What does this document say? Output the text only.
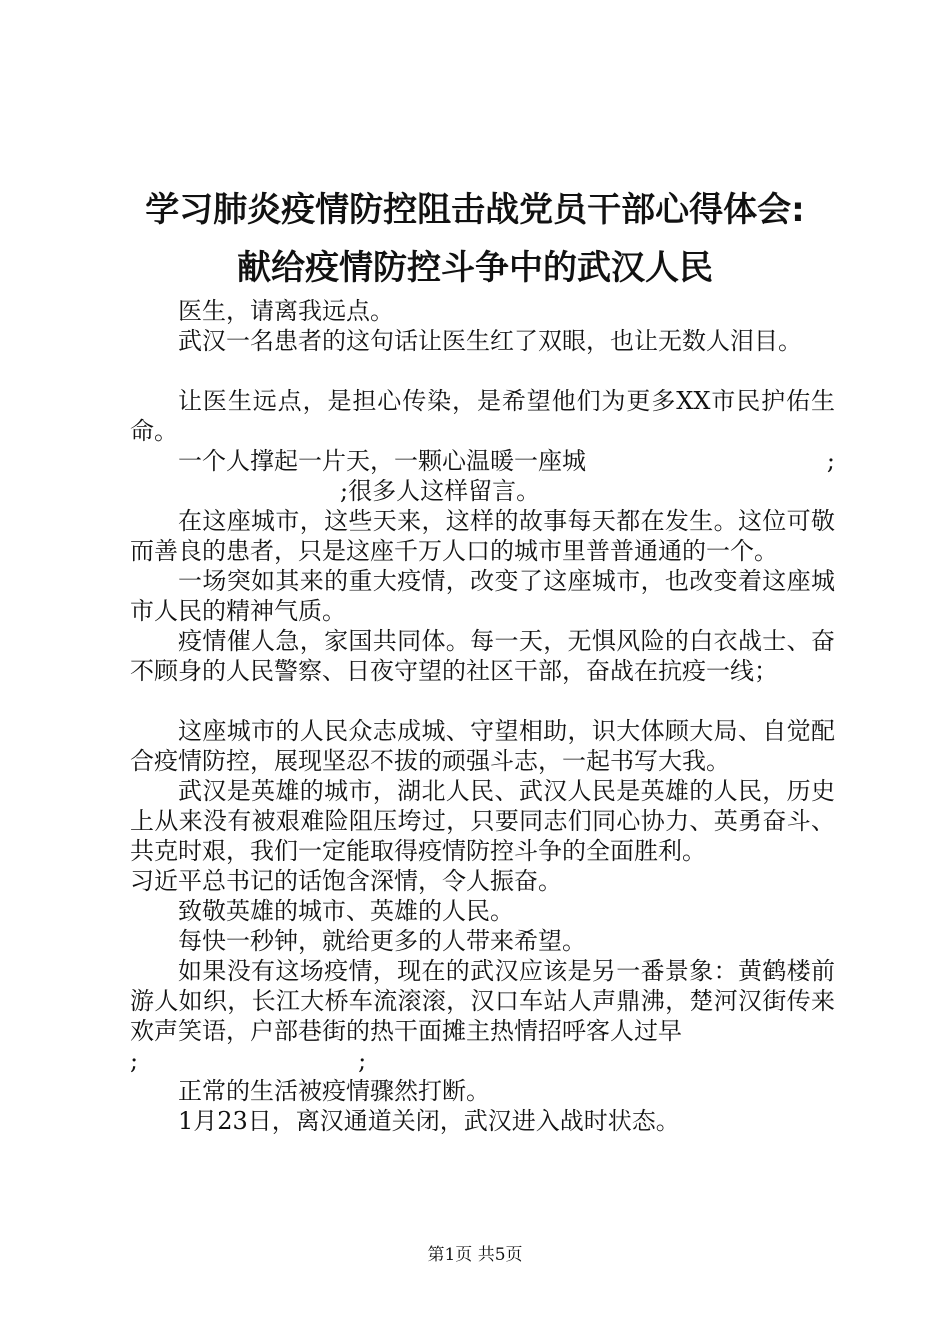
学习肺炎疫情防控阻击战党员干部心得体会:
献给疫情防控斗争中的武汉人民

医生，请离我远点。

武汉一名患者的这句话让医生红了双眼，也让无数人泪目。

让医生远点，是担心传染，是希望他们为更多XX市民护佑生命。

一个人撑起一片天，一颗心温暖一座城	;

;很多人这样留言。

在这座城市，这些天来，这样的故事每天都在发生。这位可敬而善良的患者，只是这座千万人口的城市里普普通通的一个。

一场突如其来的重大疫情，改变了这座城市，也改变着这座城市人民的精神气质。

疫情催人急，家国共同体。每一天，无惧风险的白衣战士、奋不顾身的人民警察、日夜守望的社区干部，奋战在抗疫一线；

这座城市的人民众志成城、守望相助，识大体顾大局、自觉配合疫情防控，展现坚忍不拔的顽强斗志，一起书写大我。

武汉是英雄的城市，湖北人民、武汉人民是英雄的人民，历史上从来没有被艰难险阻压垮过，只要同志们同心协力、英勇奋斗、共克时艰，我们一定能取得疫情防控斗争的全面胜利。

习近平总书记的话饱含深情，令人振奋。

致敬英雄的城市、英雄的人民。

每快一秒钟，就给更多的人带来希望。

如果没有这场疫情，现在的武汉应该是另一番景象：黄鹤楼前游人如织，长江大桥车流滚滚，汉口车站人声鼎沸，楚河汉街传来欢声笑语，户部巷街的热干面摊主热情招呼客人过早

;	;

正常的生活被疫情骤然打断。

1月23日，离汉通道关闭，武汉进入战时状态。

第1页 共5页
